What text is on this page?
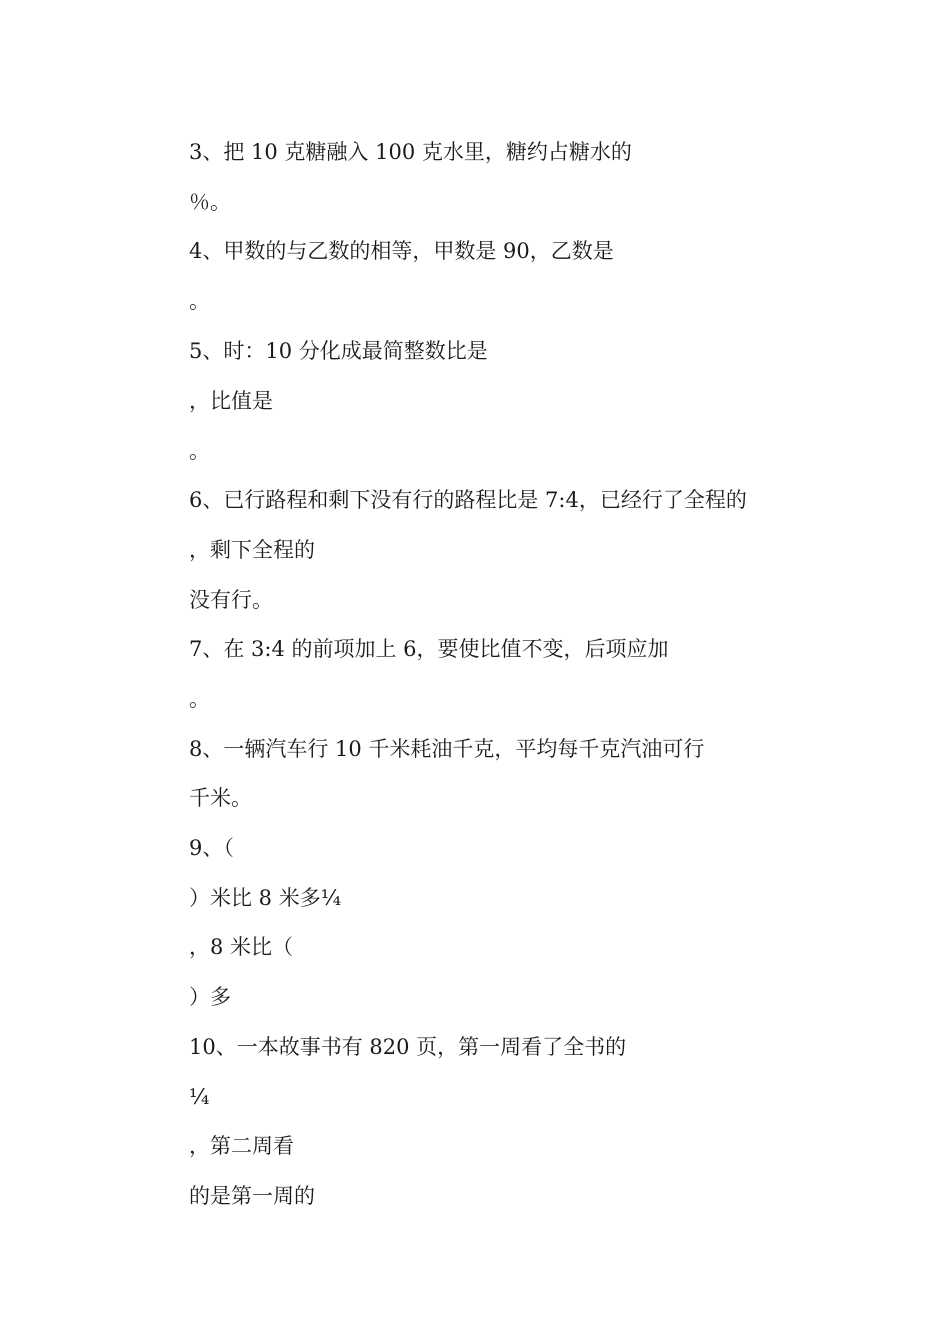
3、把 10 克糖融入 100 克水里，糖约占糖水的
％。
4、甲数的与乙数的相等，甲数是 90，乙数是
。
5、时：10 分化成最简整数比是
，比值是
。
6、已行路程和剩下没有行的路程比是 7:4，已经行了全程的
，剩下全程的
没有行。
7、在 3:4 的前项加上 6，要使比值不变，后项应加
。
8、一辆汽车行 10 千米耗油千克，平均每千克汽油可行
千米。
9、（
）米比 8 米多¼
，8 米比（
）多
10、一本故事书有 820 页，第一周看了全书的
¼
，第二周看
的是第一周的
